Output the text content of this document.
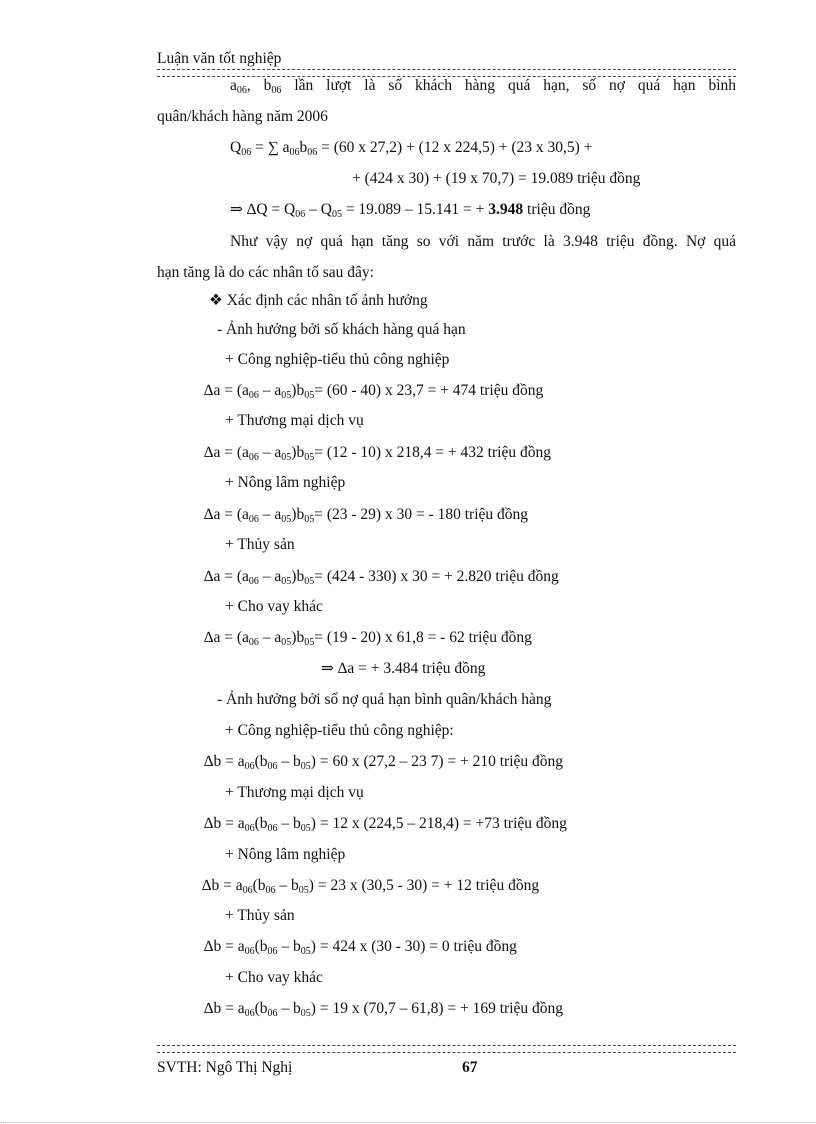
Luận văn tốt nghiệp
$a_{06}$, $b_{06}$ lần lượt là số khách hàng quá hạn, số nợ quá hạn bình
quân/khách hàng năm 2006
$Q_{06}$ = ∑ $a_{06}b_{06} = (60$ x 27,2) + (12 x 224,5) + (23 x 30,5) +
+ (424 x 30) + (19 x 70,7) = 19.089 triệu đồng
⇒ $\Delta Q = Q_{06} - Q_{05} = 19.089 - 15.141$ = + 3.948 triệu đồng
Như vậy nợ quá hạn tăng so với năm trước là 3.948 triệu đồng. Nợ quá
hạn tăng là do các nhân tố sau đây:
❖ Xác định các nhân tố ảnh hưởng
- Ảnh hưởng bởi số khách hàng quá hạn
+ Công nghiệp-tiểu thủ công nghiệp
$\Delta a = (a_{06} - a_{05})b_{05}= (60 - 40)$ x 23,7 = + 474 triệu đồng
+ Thương mại dịch vụ
$\Delta a = (a_{06} - a_{05})b_{05}= (12 - 10)$ x 218,4 = + 432 triệu đồng
+ Nông lâm nghiệp
$\Delta a = (a_{06} - a_{05})b_{05}= (23 - 29)$ x 30 = - 180 triệu đồng
+ Thủy sản
$\Delta a = (a_{06} - a_{05})b_{05}= (424 - 330)$ x 30 = + 2.820 triệu đồng
+ Cho vay khác
$\Delta a = (a_{06} - a_{05})b_{05}= (19 - 20)$ x 61,8 = - 62 triệu đồng
⇒ ∆a = + 3.484 triệu đồng
- Ảnh hưởng bởi số nợ quá hạn bình quân/khách hàng
+ Công nghiệp-tiểu thủ công nghiệp:
$\Delta b = a_{06}(b_{06} - b_{05}) = 60$ x (27,2 – 23 7) = + 210 triệu đồng
+ Thương mại dịch vụ
$\Delta b = a_{06}(b_{06} - b_{05}) = 12$ x (224,5 – 218,4) = +73 triệu đồng
+ Nông lâm nghiệp
$\Delta b = a_{06}(b_{06} - b_{05}) = 23$ x (30,5 - 30) = + 12 triệu đồng
+ Thủy sản
$\Delta b = a_{06}(b_{06} - b_{05}) = 424$ x (30 - 30) = 0 triệu đồng
+ Cho vay khác
$\Delta b = a_{06}(b_{06} - b_{05}) = 19$ x (70,7 – 61,8) = + 169 triệu đồng
SVTH: Ngô Thị Nghị	67
